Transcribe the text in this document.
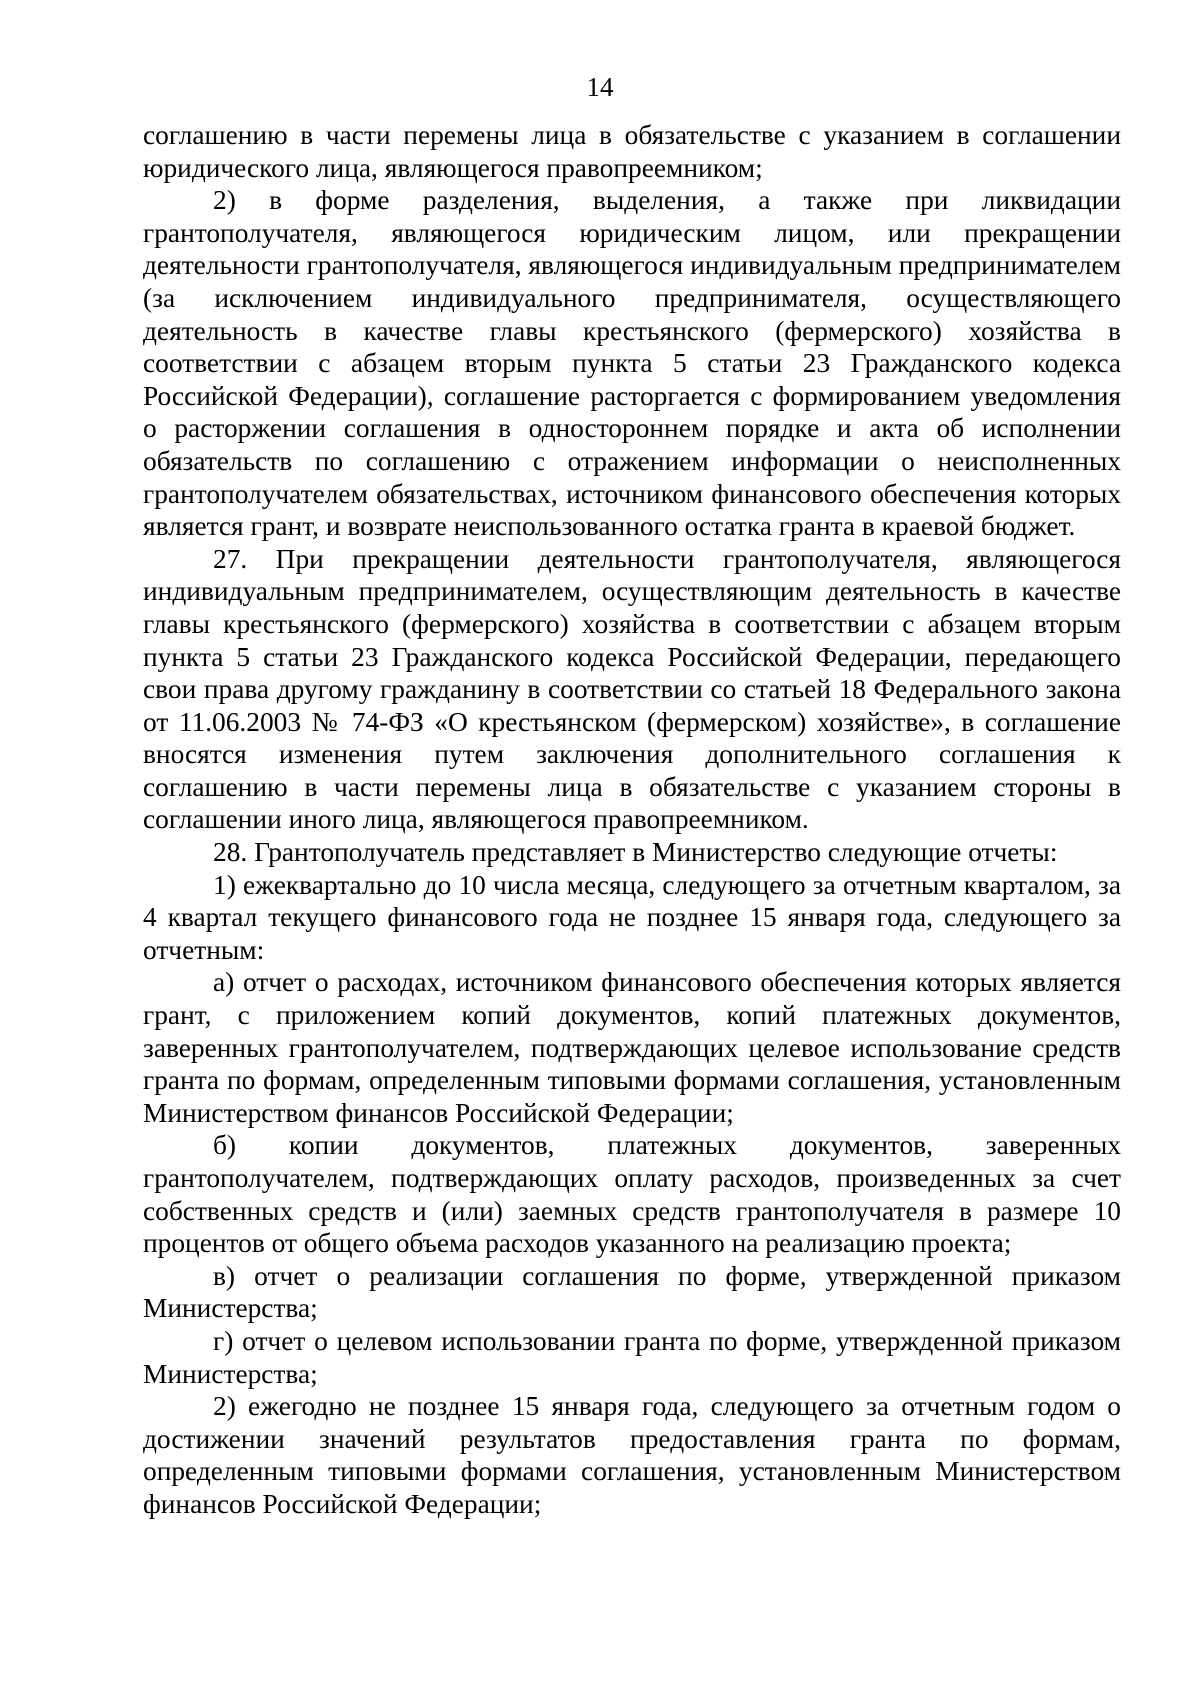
14

соглашению в части перемены лица в обязательстве с указанием в соглашении юридического лица, являющегося правопреемником;

2) в форме разделения, выделения, а также при ликвидации грантополучателя, являющегося юридическим лицом, или прекращении деятельности грантополучателя, являющегося индивидуальным предпринимателем (за исключением индивидуального предпринимателя, осуществляющего деятельность в качестве главы крестьянского (фермерского) хозяйства в соответствии с абзацем вторым пункта 5 статьи 23 Гражданского кодекса Российской Федерации), соглашение расторгается с формированием уведомления о расторжении соглашения в одностороннем порядке и акта об исполнении обязательств по соглашению с отражением информации о неисполненных грантополучателем обязательствах, источником финансового обеспечения которых является грант, и возврате неиспользованного остатка гранта в краевой бюджет.

27. При прекращении деятельности грантополучателя, являющегося индивидуальным предпринимателем, осуществляющим деятельность в качестве главы крестьянского (фермерского) хозяйства в соответствии с абзацем вторым пункта 5 статьи 23 Гражданского кодекса Российской Федерации, передающего свои права другому гражданину в соответствии со статьей 18 Федерального закона от 11.06.2003 № 74-ФЗ «О крестьянском (фермерском) хозяйстве», в соглашение вносятся изменения путем заключения дополнительного соглашения к соглашению в части перемены лица в обязательстве с указанием стороны в соглашении иного лица, являющегося правопреемником.

28. Грантополучатель представляет в Министерство следующие отчеты:

1) ежеквартально до 10 числа месяца, следующего за отчетным кварталом, за 4 квартал текущего финансового года не позднее 15 января года, следующего за отчетным:

а) отчет о расходах, источником финансового обеспечения которых является грант, с приложением копий документов, копий платежных документов, заверенных грантополучателем, подтверждающих целевое использование средств гранта по формам, определенным типовыми формами соглашения, установленным Министерством финансов Российской Федерации;

б) копии документов, платежных документов, заверенных грантополучателем, подтверждающих оплату расходов, произведенных за счет собственных средств и (или) заемных средств грантополучателя в размере 10 процентов от общего объема расходов указанного на реализацию проекта;

в) отчет о реализации соглашения по форме, утвержденной приказом Министерства;

г) отчет о целевом использовании гранта по форме, утвержденной приказом Министерства;

2) ежегодно не позднее 15 января года, следующего за отчетным годом о достижении значений результатов предоставления гранта по формам, определенным типовыми формами соглашения, установленным Министерством финансов Российской Федерации;
